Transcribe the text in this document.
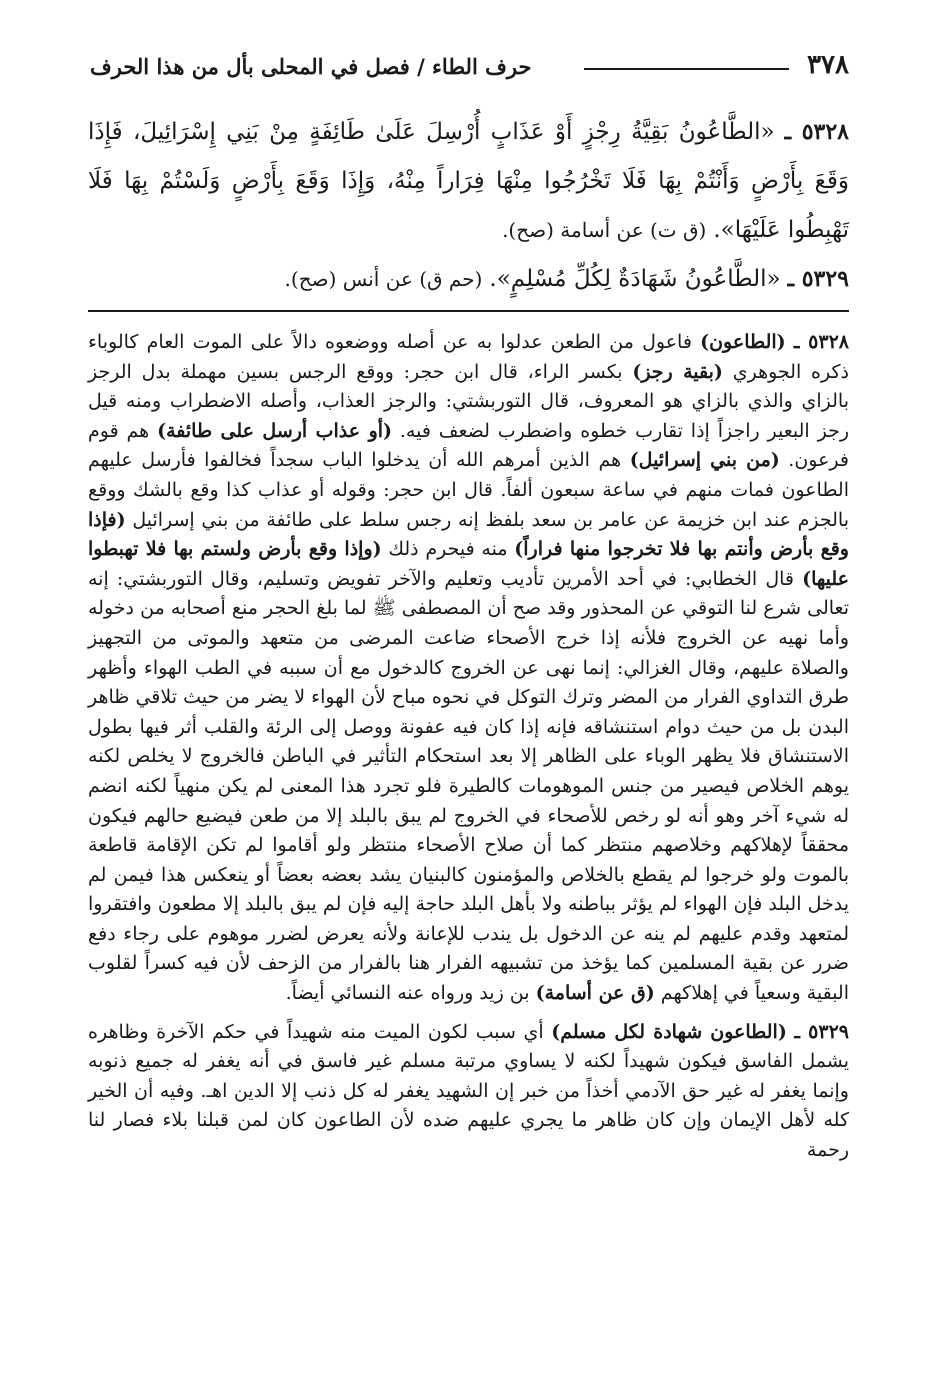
٣٧٨
حرف الطاء / فصل في المحلى بأل من هذا الحرف
٥٣٢٨ ـ «الطَّاعُونُ بَقِيَّةُ رِجْزٍ أَوْ عَذَابٍ أُرْسِلَ عَلَىٰ طَائِفَةٍ مِنْ بَنِي إِسْرَائِيلَ، فَإِذَا وَقَعَ بِأَرْضٍ وَأَنْتُمْ بِهَا فَلَا تَخْرُجُوا مِنْهَا فِرَاراً مِنْهُ، وَإِذَا وَقَعَ بِأَرْضٍ وَلَسْتُمْ بِهَا فَلَا تَهْبِطُوا عَلَيْهَا». (ق ت) عن أسامة (صح).
٥٣٢٩ ـ «الطَّاعُونُ شَهَادَةٌ لِكُلِّ مُسْلِمٍ». (حم ق) عن أنس (صح).

٥٣٢٨ ـ (الطاعون) فاعول من الطعن عدلوا به عن أصله ووضعوه دالاً على الموت العام كالوباء ذكره الجوهري (بقية رجز) بكسر الراء، قال ابن حجر: ووقع الرجس بسين مهملة بدل الرجز بالزاي والذي بالزاي هو المعروف، قال التوربشتي: والرجز العذاب، وأصله الاضطراب ومنه قيل رجز البعير راجزاً إذا تقارب خطوه واضطرب لضعف فيه. (أو عذاب أرسل على طائفة) هم قوم فرعون. (من بني إسرائيل) هم الذين أمرهم الله أن يدخلوا الباب سجداً فخالفوا فأرسل عليهم الطاعون فمات منهم في ساعة سبعون ألفاً. قال ابن حجر: وقوله أو عذاب كذا وقع بالشك ووقع بالجزم عند ابن خزيمة عن عامر بن سعد بلفظ إنه رجس سلط على طائفة من بني إسرائيل (فإذا وقع بأرض وأنتم بها فلا تخرجوا منها فراراً) منه فيحرم ذلك (وإذا وقع بأرض ولستم بها فلا تهبطوا عليها) قال الخطابي: في أحد الأمرين تأديب وتعليم والآخر تفويض وتسليم، وقال التوربشتي: إنه تعالى شرع لنا التوقي عن المحذور وقد صح أن المصطفى ﷺ لما بلغ الحجر منع أصحابه من دخوله وأما نهيه عن الخروج فلأنه إذا خرج الأصحاء ضاعت المرضى من متعهد والموتى من التجهيز والصلاة عليهم، وقال الغزالي: إنما نهى عن الخروج كالدخول مع أن سببه في الطب الهواء وأظهر طرق التداوي الفرار من المضر وترك التوكل في نحوه مباح لأن الهواء لا يضر من حيث تلاقي ظاهر البدن بل من حيث دوام استنشاقه فإنه إذا كان فيه عفونة ووصل إلى الرئة والقلب أثر فيها بطول الاستنشاق فلا يظهر الوباء على الظاهر إلا بعد استحكام التأثير في الباطن فالخروج لا يخلص لكنه يوهم الخلاص فيصير من جنس الموهومات كالطيرة فلو تجرد هذا المعنى لم يكن منهياً لكنه انضم له شيء آخر وهو أنه لو رخص للأصحاء في الخروج لم يبق بالبلد إلا من طعن فيضيع حالهم فيكون محققاً لإهلاكهم وخلاصهم منتظر كما أن صلاح الأصحاء منتظر ولو أقاموا لم تكن الإقامة قاطعة بالموت ولو خرجوا لم يقطع بالخلاص والمؤمنون كالبنيان يشد بعضه بعضاً أو ينعكس هذا فيمن لم يدخل البلد فإن الهواء لم يؤثر بباطنه ولا بأهل البلد حاجة إليه فإن لم يبق بالبلد إلا مطعون وافتقروا لمتعهد وقدم عليهم لم ينه عن الدخول بل يندب للإعانة ولأنه يعرض لضرر موهوم على رجاء دفع ضرر عن بقية المسلمين كما يؤخذ من تشبيهه الفرار هنا بالفرار من الزحف لأن فيه كسراً لقلوب البقية وسعياً في إهلاكهم (ق عن أسامة) بن زيد ورواه عنه النسائي أيضاً.

٥٣٢٩ ـ (الطاعون شهادة لكل مسلم) أي سبب لكون الميت منه شهيداً في حكم الآخرة وظاهره يشمل الفاسق فيكون شهيداً لكنه لا يساوي مرتبة مسلم غير فاسق في أنه يغفر له جميع ذنوبه وإنما يغفر له غير حق الآدمي أخذاً من خبر إن الشهيد يغفر له كل ذنب إلا الدين اهـ. وفيه أن الخير كله لأهل الإيمان وإن كان ظاهر ما يجري عليهم ضده لأن الطاعون كان لمن قبلنا بلاء فصار لنا رحمة
